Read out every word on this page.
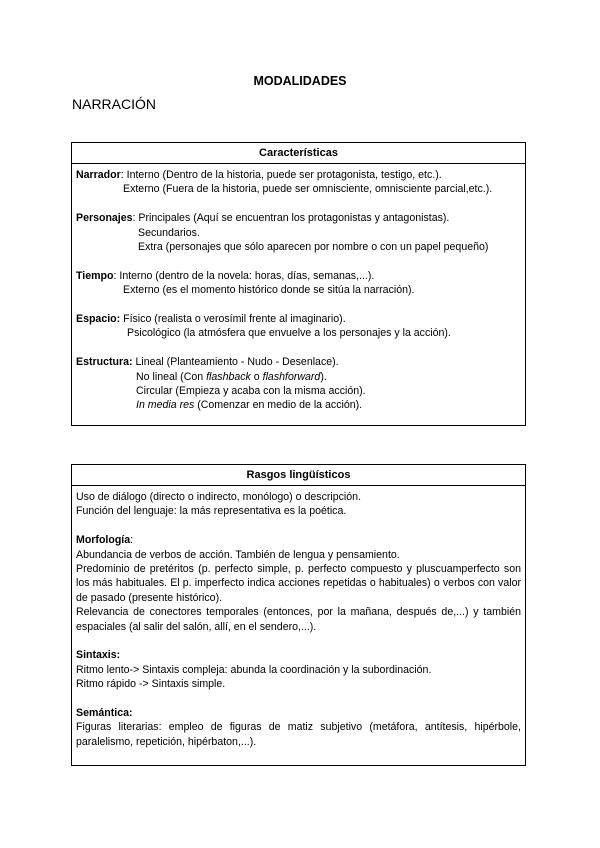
MODALIDADES
NARRACIÓN
Características
Narrador: Interno (Dentro de la historia, puede ser protagonista, testigo, etc.).
Externo (Fuera de la historia, puede ser omnisciente, omnisciente parcial,etc.).
Personajes: Principales (Aquí se encuentran los protagonistas y antagonistas).
Secundarios.
Extra (personajes que sólo aparecen por nombre o con un papel pequeño)
Tiempo: Interno (dentro de la novela: horas, días, semanas,...).
Externo (es el momento histórico donde se sitúa la narración).
Espacio: Físico (realista o verosímil frente al imaginario).
Psicológico (la atmósfera que envuelve a los personajes y la acción).
Estructura: Lineal (Planteamiento - Nudo - Desenlace).
No lineal (Con flashback o flashforward).
Circular (Empieza y acaba con la misma acción).
In media res (Comenzar en medio de la acción).
Rasgos lingüísticos
Uso de diálogo (directo o indirecto, monólogo) o descripción.
Función del lenguaje: la más representativa es la poética.
Morfología:
Abundancia de verbos de acción. También de lengua y pensamiento.
Predominio de pretéritos (p. perfecto simple, p. perfecto compuesto y pluscuamperfecto son los más habituales. El p. imperfecto indica acciones repetidas o habituales) o verbos con valor de pasado (presente histórico).
Relevancia de conectores temporales (entonces, por la mañana, después de,...) y también espaciales (al salir del salón, allí, en el sendero,...).
Sintaxis:
Ritmo lento-> Sintaxis compleja: abunda la coordinación y la subordinación.
Ritmo rápido -> Sintaxis simple.
Semántica:
Figuras literarias: empleo de figuras de matiz subjetivo (metáfora, antítesis, hipérbole, paralelismo, repetición, hipérbaton,...).
